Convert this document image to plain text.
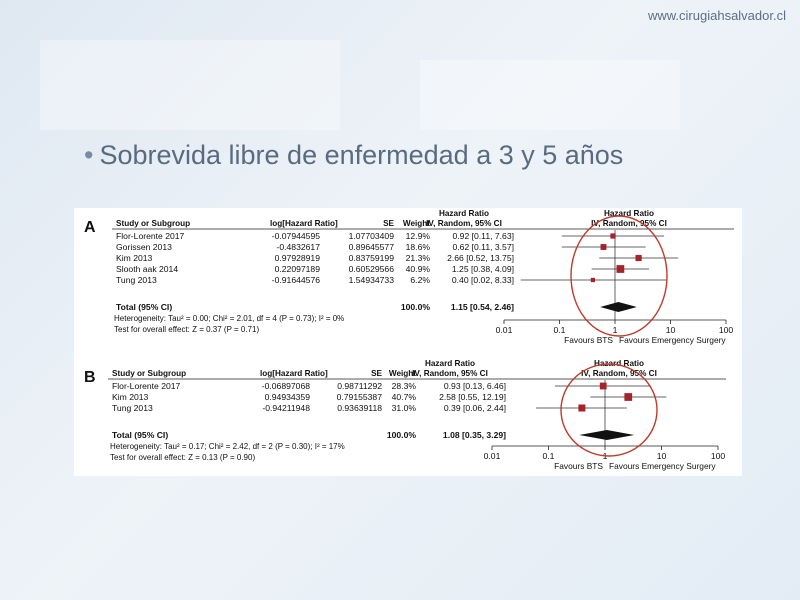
www.cirugiahsalvador.cl
• Sobrevida libre de enfermedad a 3 y 5 años
A
Hazard Ratio
Study or Subgroup	log[Hazard Ratio]	SE Weight
IV, Random, 95% CI
Hazard Ratio
IV, Random, 95% CI
Flor-Lorente 2017	-0.07944595	1.07703409 12.9%	0.92 [0.11, 7.63]
Gorissen 2013	-0.4832617	0.89645577 18.6%	0.62 [0.11, 3.57]
Kim 2013	0.97928919	0.83759199 21.3% 2.66 [0.52, 13.75]
Slooth aak 2014	0.22097189	0.60529566 40.9%	1.25 [0.38, 4.09]
Tung 2013	-0.91644576	1.54934733 6.2%	0.40 [0.02, 8.33]
Total (95% CI)	100.0% 1.15 [0.54, 2.46]
Heterogeneity: Tau² = 0.00; Chi² = 2.01, df = 4 (P = 0.73); I² = 0%
Test for overall effect: Z = 0.37 (P = 0.71)	0.01	0.1	1	10	100
Favours BTS Favours Emergency Surgery
B
Hazard Ratio
Study or Subgroup	log[Hazard Ratio]	SE Weight
IV, Random, 95% CI
Hazard Ratio
IV, Random, 95% CI
Flor-Lorente 2017	-0.06897068	0.98711292 28.3%	0.93 [0.13, 6.46]
Kim 2013	0.94934359	0.79155387 40.7%	2.58 [0.55, 12.19]
Tung 2013	-0.94211948	0.93639118 31.0%	0.39 [0.06, 2.44]
Total (95% CI)	100.0%	1.08 [0.35, 3.29]
Heterogeneity: Tau² = 0.17; Chi² = 2.42, df = 2 (P = 0.30); I² = 17%
Test for overall effect: Z = 0.13 (P = 0.90)	0.01	0.1	1	10	100
Favours BTS Favours Emergency Surgery
